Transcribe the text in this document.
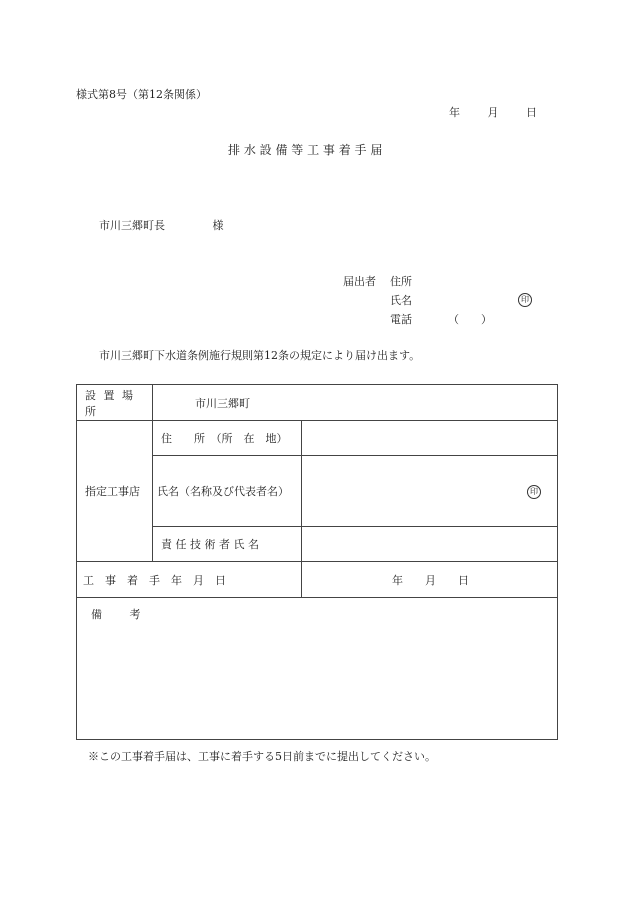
様式第8号（第12条関係）
年	月	日
排 水 設 備 等 工 事 着 手 届
市川三郷町長	様
届出者 住所
氏名	印
電話	（　　）
市川三郷町下水道条例施行規則第12条の規定により届け出ます。
設 置 場 所	市川三郷町	
指定工事店	住　　所　（所　在　地）	
	氏名（名称及び代表者名）	印
	責 任 技 術 者 氏 名	
工　事　着　手　年　月　日		年　　月　　日

備 考		
※この工事着手届は、工事に着手する5日前までに提出してください。
